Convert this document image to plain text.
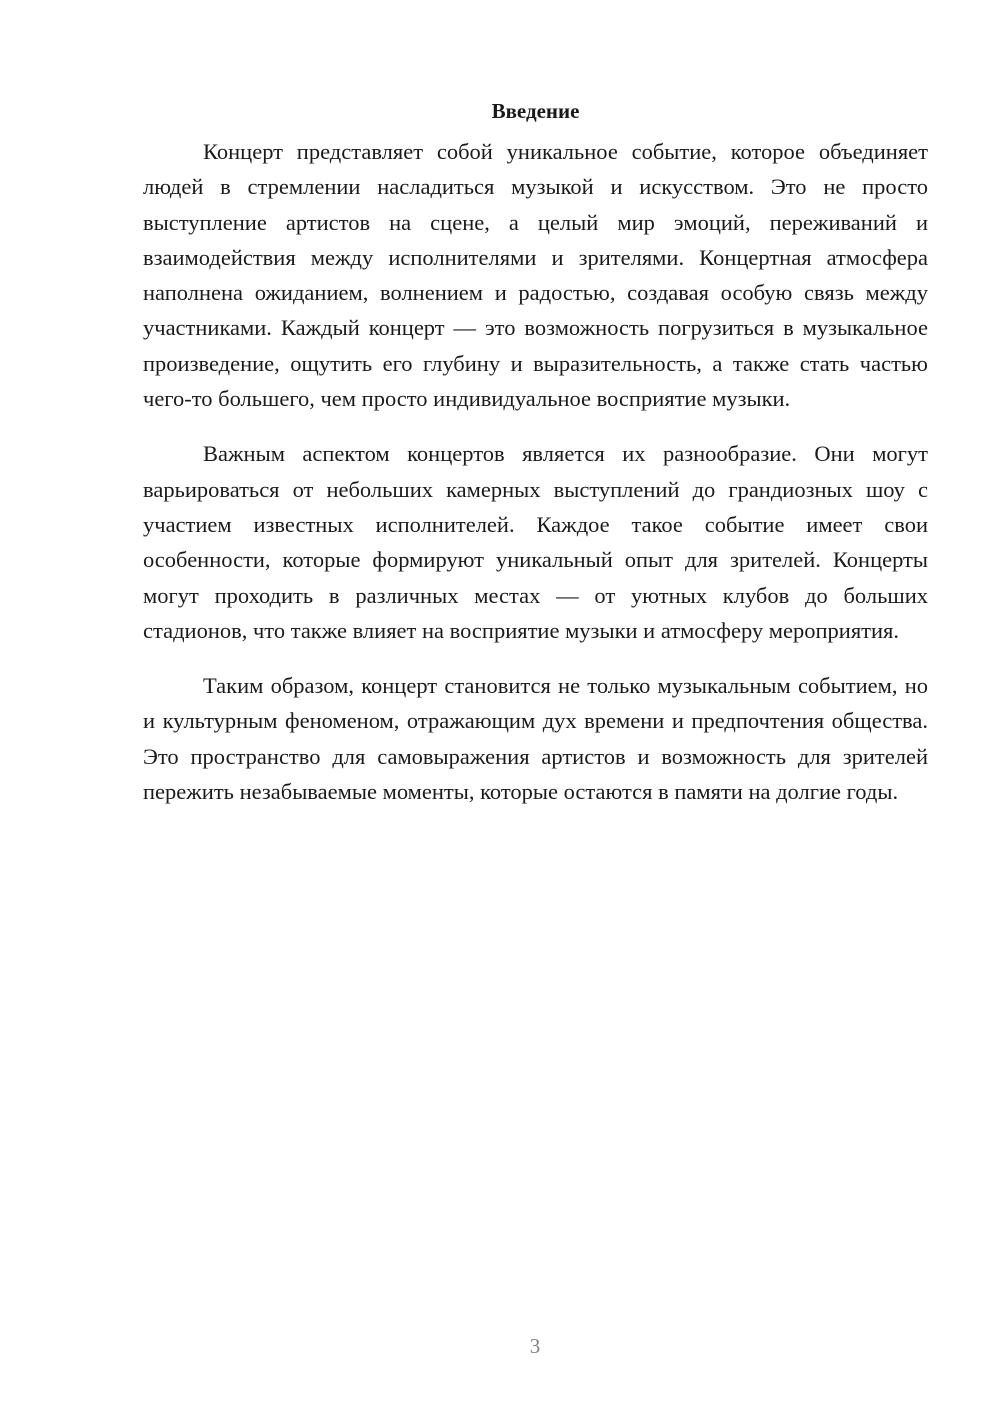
Введение

Концерт представляет собой уникальное событие, которое объединяет людей в стремлении насладиться музыкой и искусством. Это не просто выступление артистов на сцене, а целый мир эмоций, переживаний и взаимодействия между исполнителями и зрителями. Концертная атмосфера наполнена ожиданием, волнением и радостью, создавая особую связь между участниками. Каждый концерт — это возможность погрузиться в музыкальное произведение, ощутить его глубину и выразительность, а также стать частью чего-то большего, чем просто индивидуальное восприятие музыки.

Важным аспектом концертов является их разнообразие. Они могут варьироваться от небольших камерных выступлений до грандиозных шоу с участием известных исполнителей. Каждое такое событие имеет свои особенности, которые формируют уникальный опыт для зрителей. Концерты могут проходить в различных местах — от уютных клубов до больших стадионов, что также влияет на восприятие музыки и атмосферу мероприятия.

Таким образом, концерт становится не только музыкальным событием, но и культурным феноменом, отражающим дух времени и предпочтения общества. Это пространство для самовыражения артистов и возможность для зрителей пережить незабываемые моменты, которые остаются в памяти на долгие годы.

3
